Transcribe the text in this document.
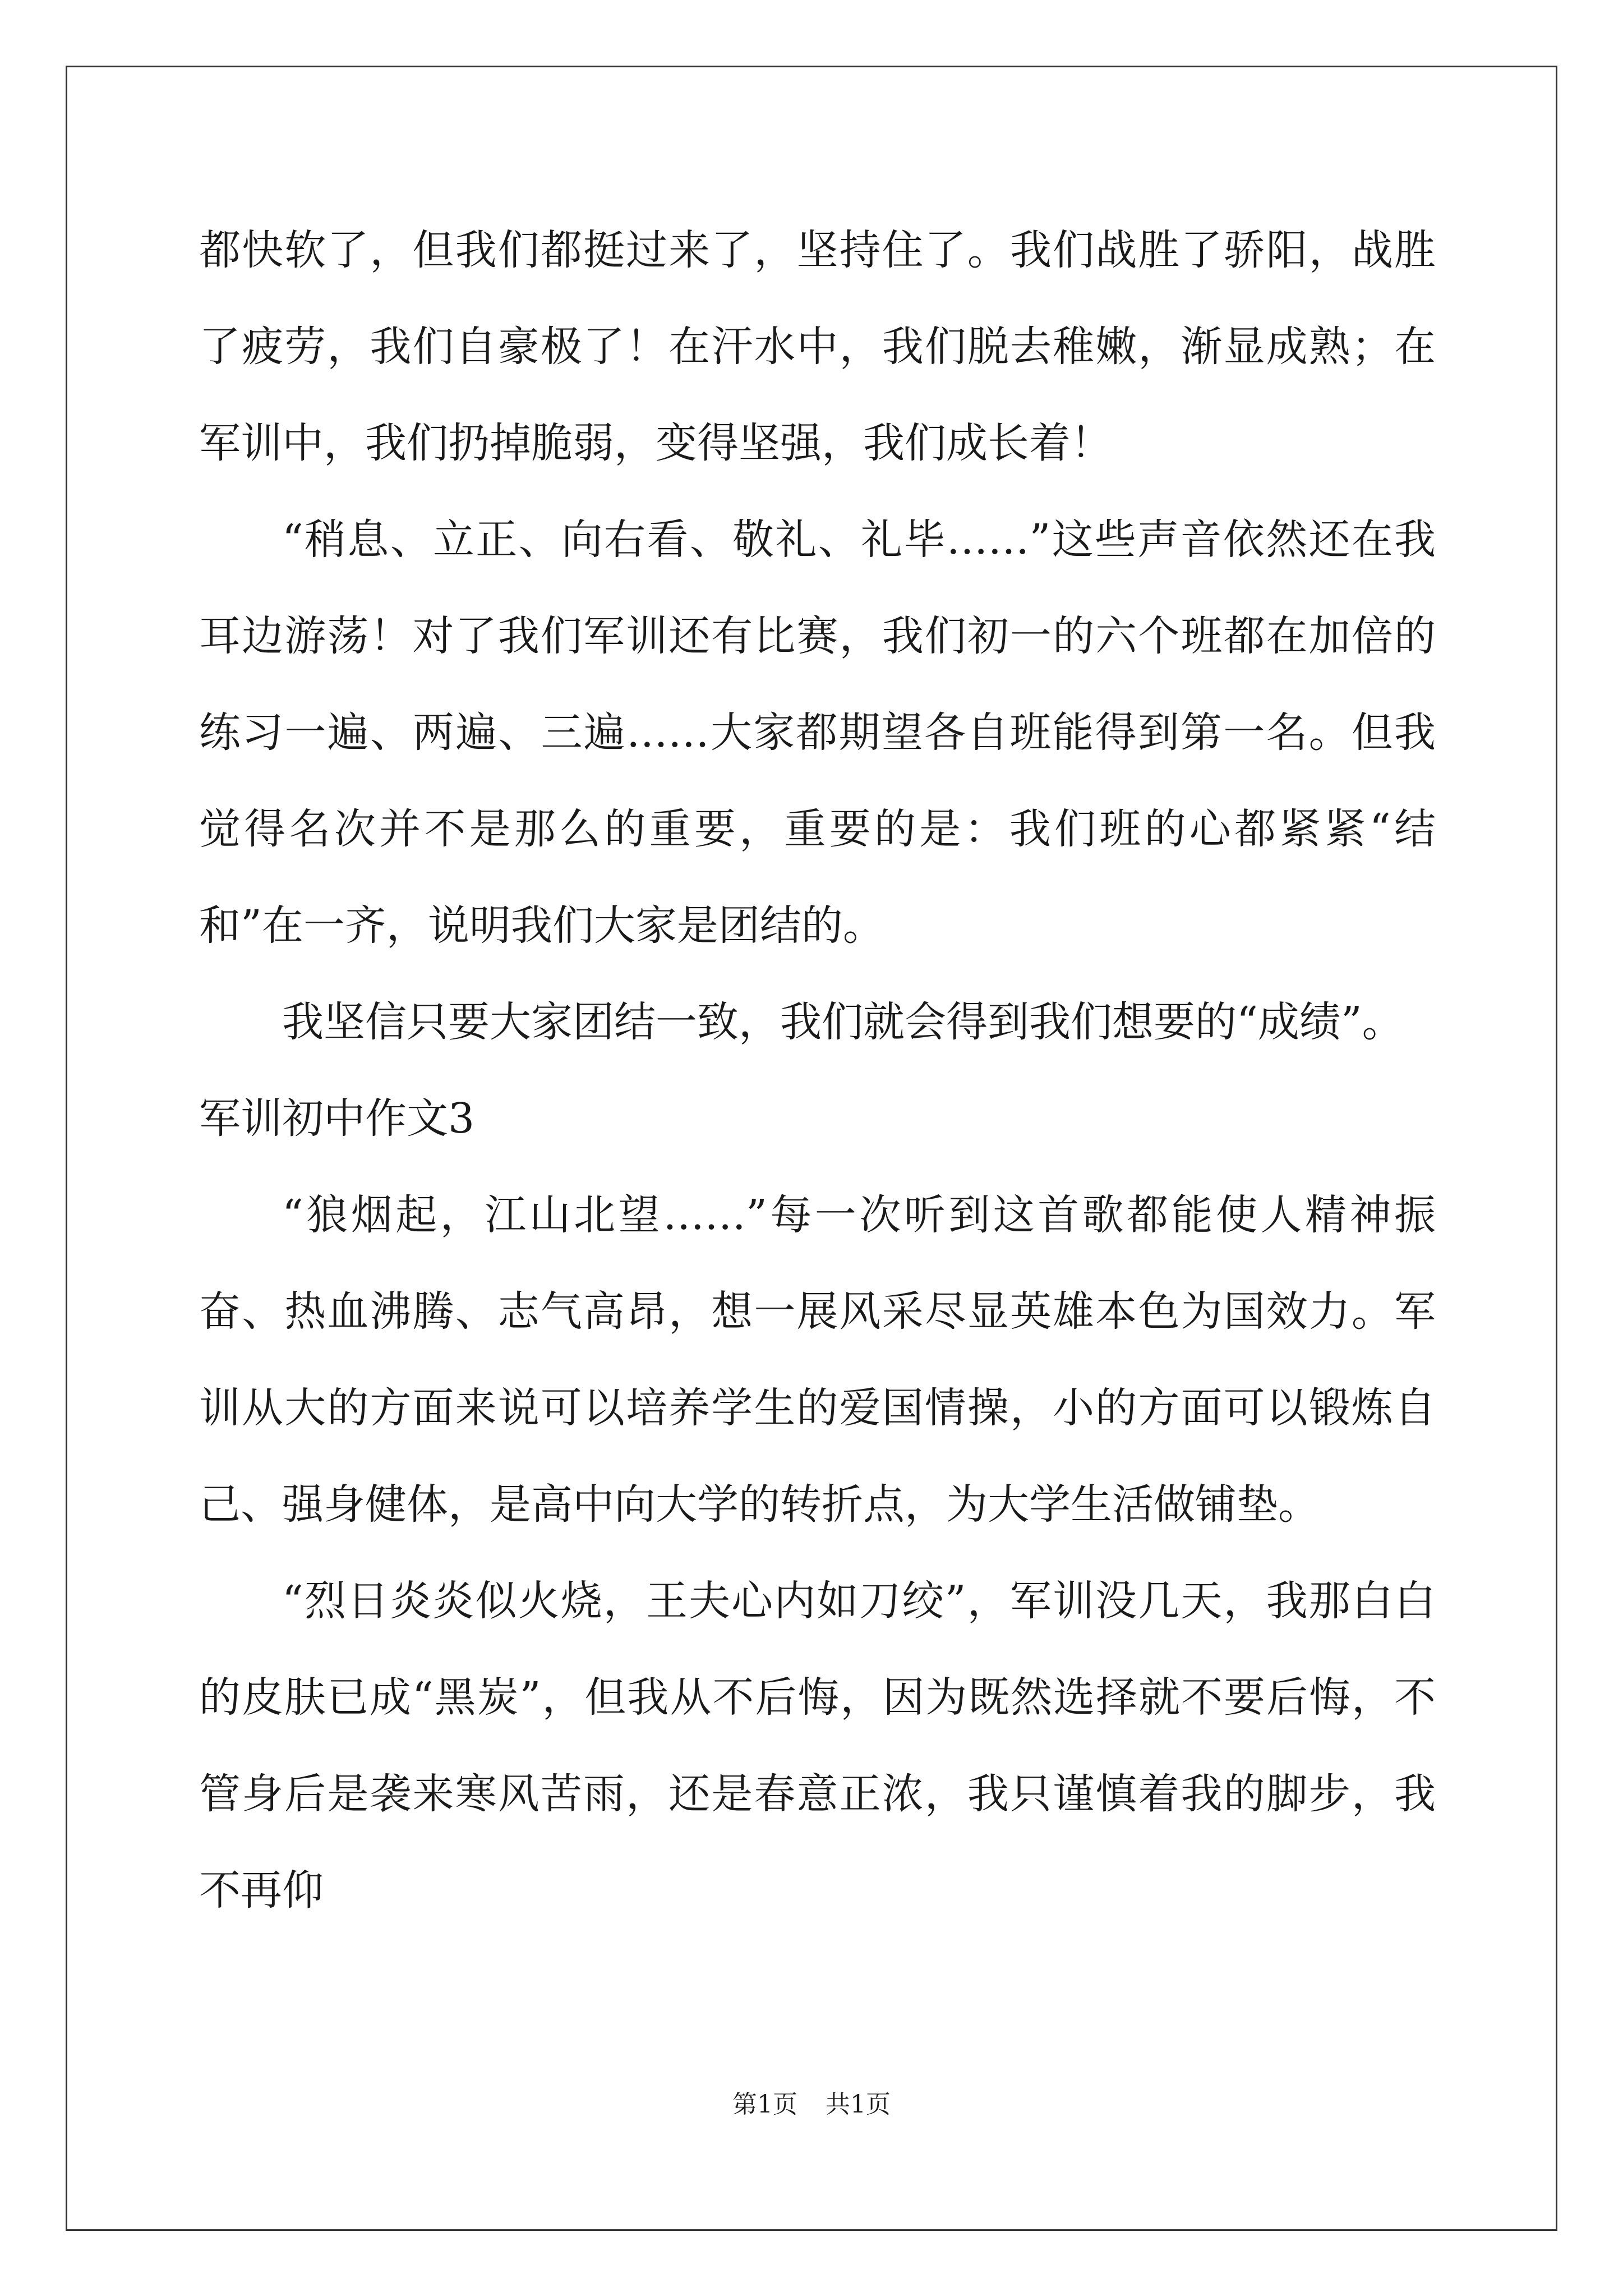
都快软了，但我们都挺过来了，坚持住了。我们战胜了骄阳，战胜了疲劳，我们自豪极了！在汗水中，我们脱去稚嫩，渐显成熟；在军训中，我们扔掉脆弱，变得坚强，我们成长着！

“稍息、立正、向右看、敬礼、礼毕……”这些声音依然还在我耳边游荡！对了我们军训还有比赛，我们初一的六个班都在加倍的练习一遍、两遍、三遍……大家都期望各自班能得到第一名。但我觉得名次并不是那么的重要，重要的是：我们班的心都紧紧“结和”在一齐，说明我们大家是团结的。

我坚信只要大家团结一致，我们就会得到我们想要的“成绩”。

军训初中作文3

“狼烟起，江山北望……”每一次听到这首歌都能使人精神振奋、热血沸腾、志气高昂，想一展风采尽显英雄本色为国效力。军训从大的方面来说可以培养学生的爱国情操，小的方面可以锻炼自己、强身健体，是高中向大学的转折点，为大学生活做铺垫。

“烈日炎炎似火烧，王夫心内如刀绞”，军训没几天，我那白白的皮肤已成“黑炭”，但我从不后悔，因为既然选择就不要后悔，不管身后是袭来寒风苦雨，还是春意正浓，我只谨慎着我的脚步，我不再仰

第1页 共1页
